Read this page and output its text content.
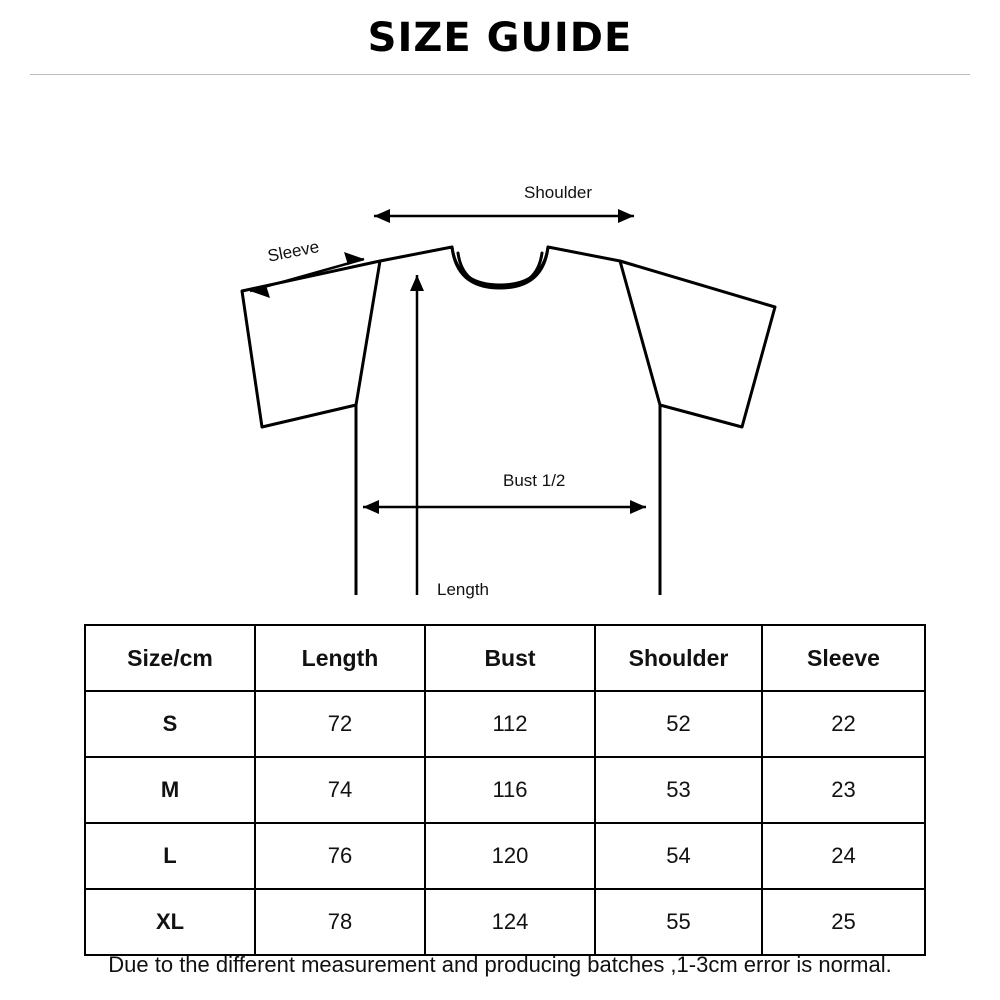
SIZE GUIDE
Shoulder
Sleeve
Bust 1/2
Length
Size/cm	Length	Bust	Shoulder	Sleeve
S	72	112	52	22
M	74	116	53	23
L	76	120	54	24
XL	78	124	55	25
Due to the different measurement and producing batches ,1-3cm error is normal.
